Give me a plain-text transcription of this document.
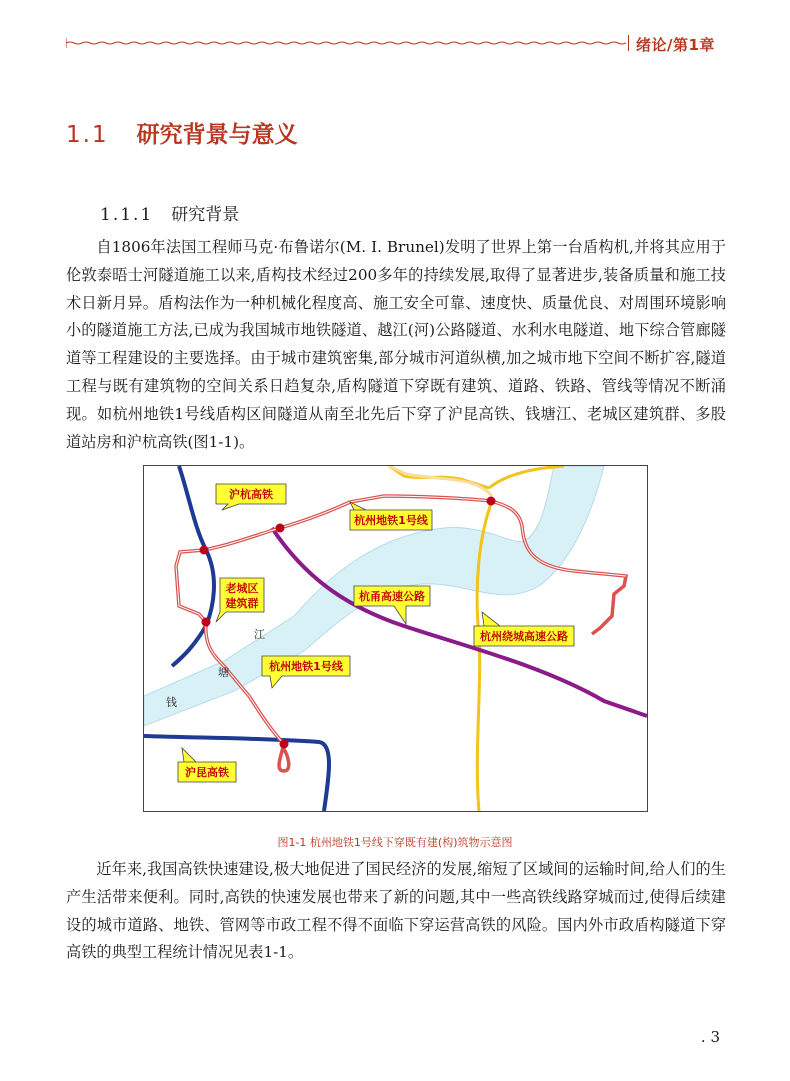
绪论/第1章
1.1 研究背景与意义
1.1.1 研究背景

自1806年法国工程师马克·布鲁诺尔(M. I. Brunel)发明了世界上第一台盾构机,并将其应用于伦敦泰晤士河隧道施工以来,盾构技术经过200多年的持续发展,取得了显著进步,装备质量和施工技术日新月异。盾构法作为一种机械化程度高、施工安全可靠、速度快、质量优良、对周围环境影响小的隧道施工方法,已成为我国城市地铁隧道、越江(河)公路隧道、水利水电隧道、地下综合管廊隧道等工程建设的主要选择。由于城市建筑密集,部分城市河道纵横,加之城市地下空间不断扩容,隧道工程与既有建筑物的空间关系日趋复杂,盾构隧道下穿既有建筑、道路、铁路、管线等情况不断涌现。如杭州地铁1号线盾构区间隧道从南至北先后下穿了沪昆高铁、钱塘江、老城区建筑群、多股道站房和沪杭高铁(图1-1)。

沪杭高铁
杭州地铁1号线
老城区
建筑群
杭甬高速公路
杭州绕城高速公路
杭州地铁1号线
沪昆高铁
江
塘
钱
图1-1 杭州地铁1号线下穿既有建(构)筑物示意图

近年来,我国高铁快速建设,极大地促进了国民经济的发展,缩短了区域间的运输时间,给人们的生产生活带来便利。同时,高铁的快速发展也带来了新的问题,其中一些高铁线路穿城而过,使得后续建设的城市道路、地铁、管网等市政工程不得不面临下穿运营高铁的风险。国内外市政盾构隧道下穿高铁的典型工程统计情况见表1-1。

. 3
